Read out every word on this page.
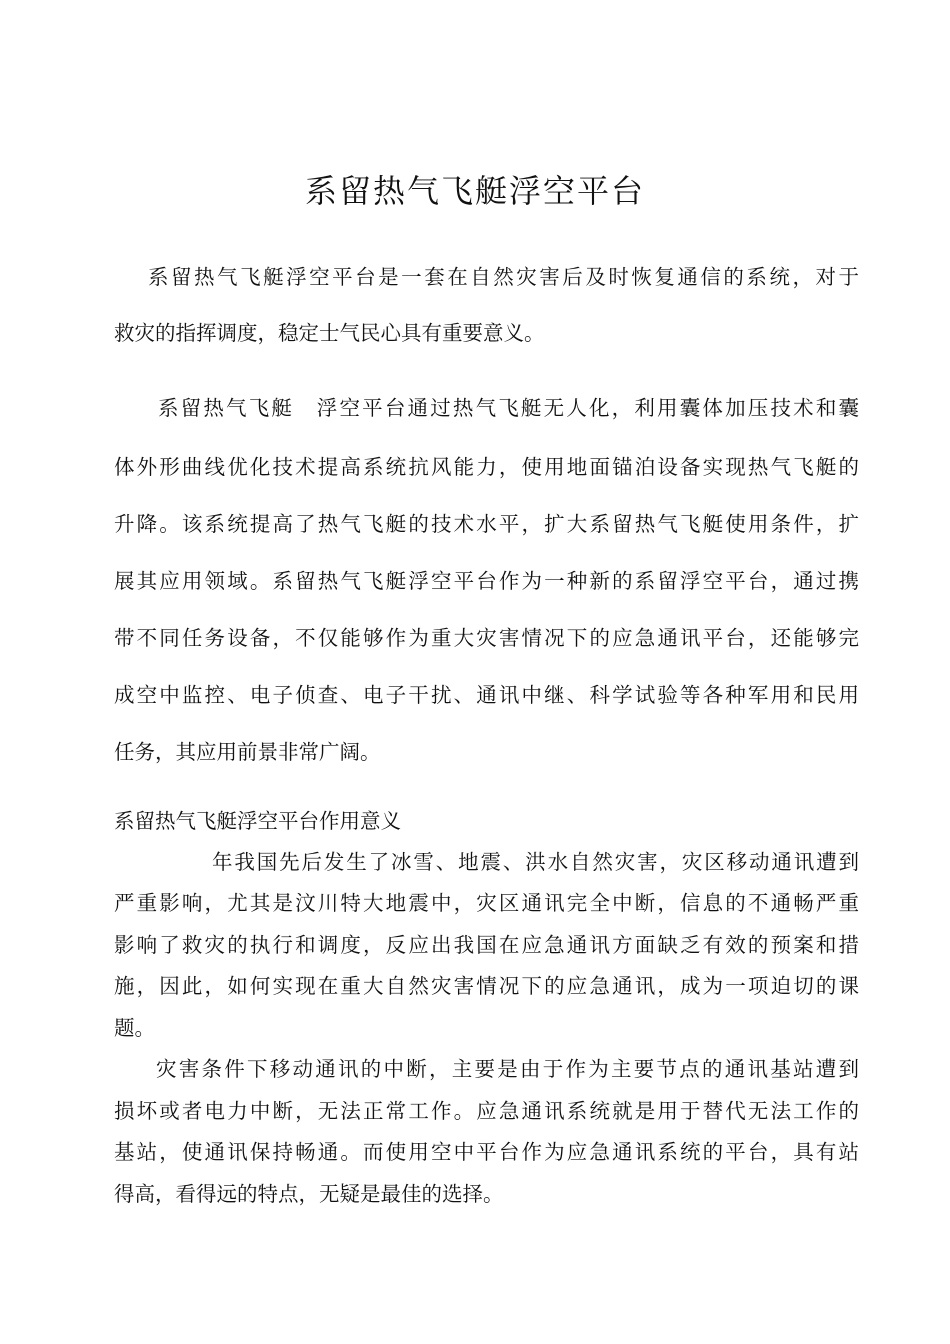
系留热气飞艇浮空平台

系留热气飞艇浮空平台是一套在自然灾害后及时恢复通信的系统，对于

救灾的指挥调度，稳定士气民心具有重要意义。

系留热气飞艇　浮空平台通过热气飞艇无人化，利用囊体加压技术和囊

体外形曲线优化技术提高系统抗风能力，使用地面锚泊设备实现热气飞艇的

升降。该系统提高了热气飞艇的技术水平，扩大系留热气飞艇使用条件，扩

展其应用领域。系留热气飞艇浮空平台作为一种新的系留浮空平台，通过携

带不同任务设备，不仅能够作为重大灾害情况下的应急通讯平台，还能够完

成空中监控、电子侦查、电子干扰、通讯中继、科学试验等各种军用和民用

任务，其应用前景非常广阔。

系留热气飞艇浮空平台作用意义

年我国先后发生了冰雪、地震、洪水自然灾害，灾区移动通讯遭到

严重影响，尤其是汶川特大地震中，灾区通讯完全中断，信息的不通畅严重

影响了救灾的执行和调度，反应出我国在应急通讯方面缺乏有效的预案和措

施，因此，如何实现在重大自然灾害情况下的应急通讯，成为一项迫切的课

题。

灾害条件下移动通讯的中断，主要是由于作为主要节点的通讯基站遭到

损坏或者电力中断，无法正常工作。应急通讯系统就是用于替代无法工作的

基站，使通讯保持畅通。而使用空中平台作为应急通讯系统的平台，具有站

得高，看得远的特点，无疑是最佳的选择。
